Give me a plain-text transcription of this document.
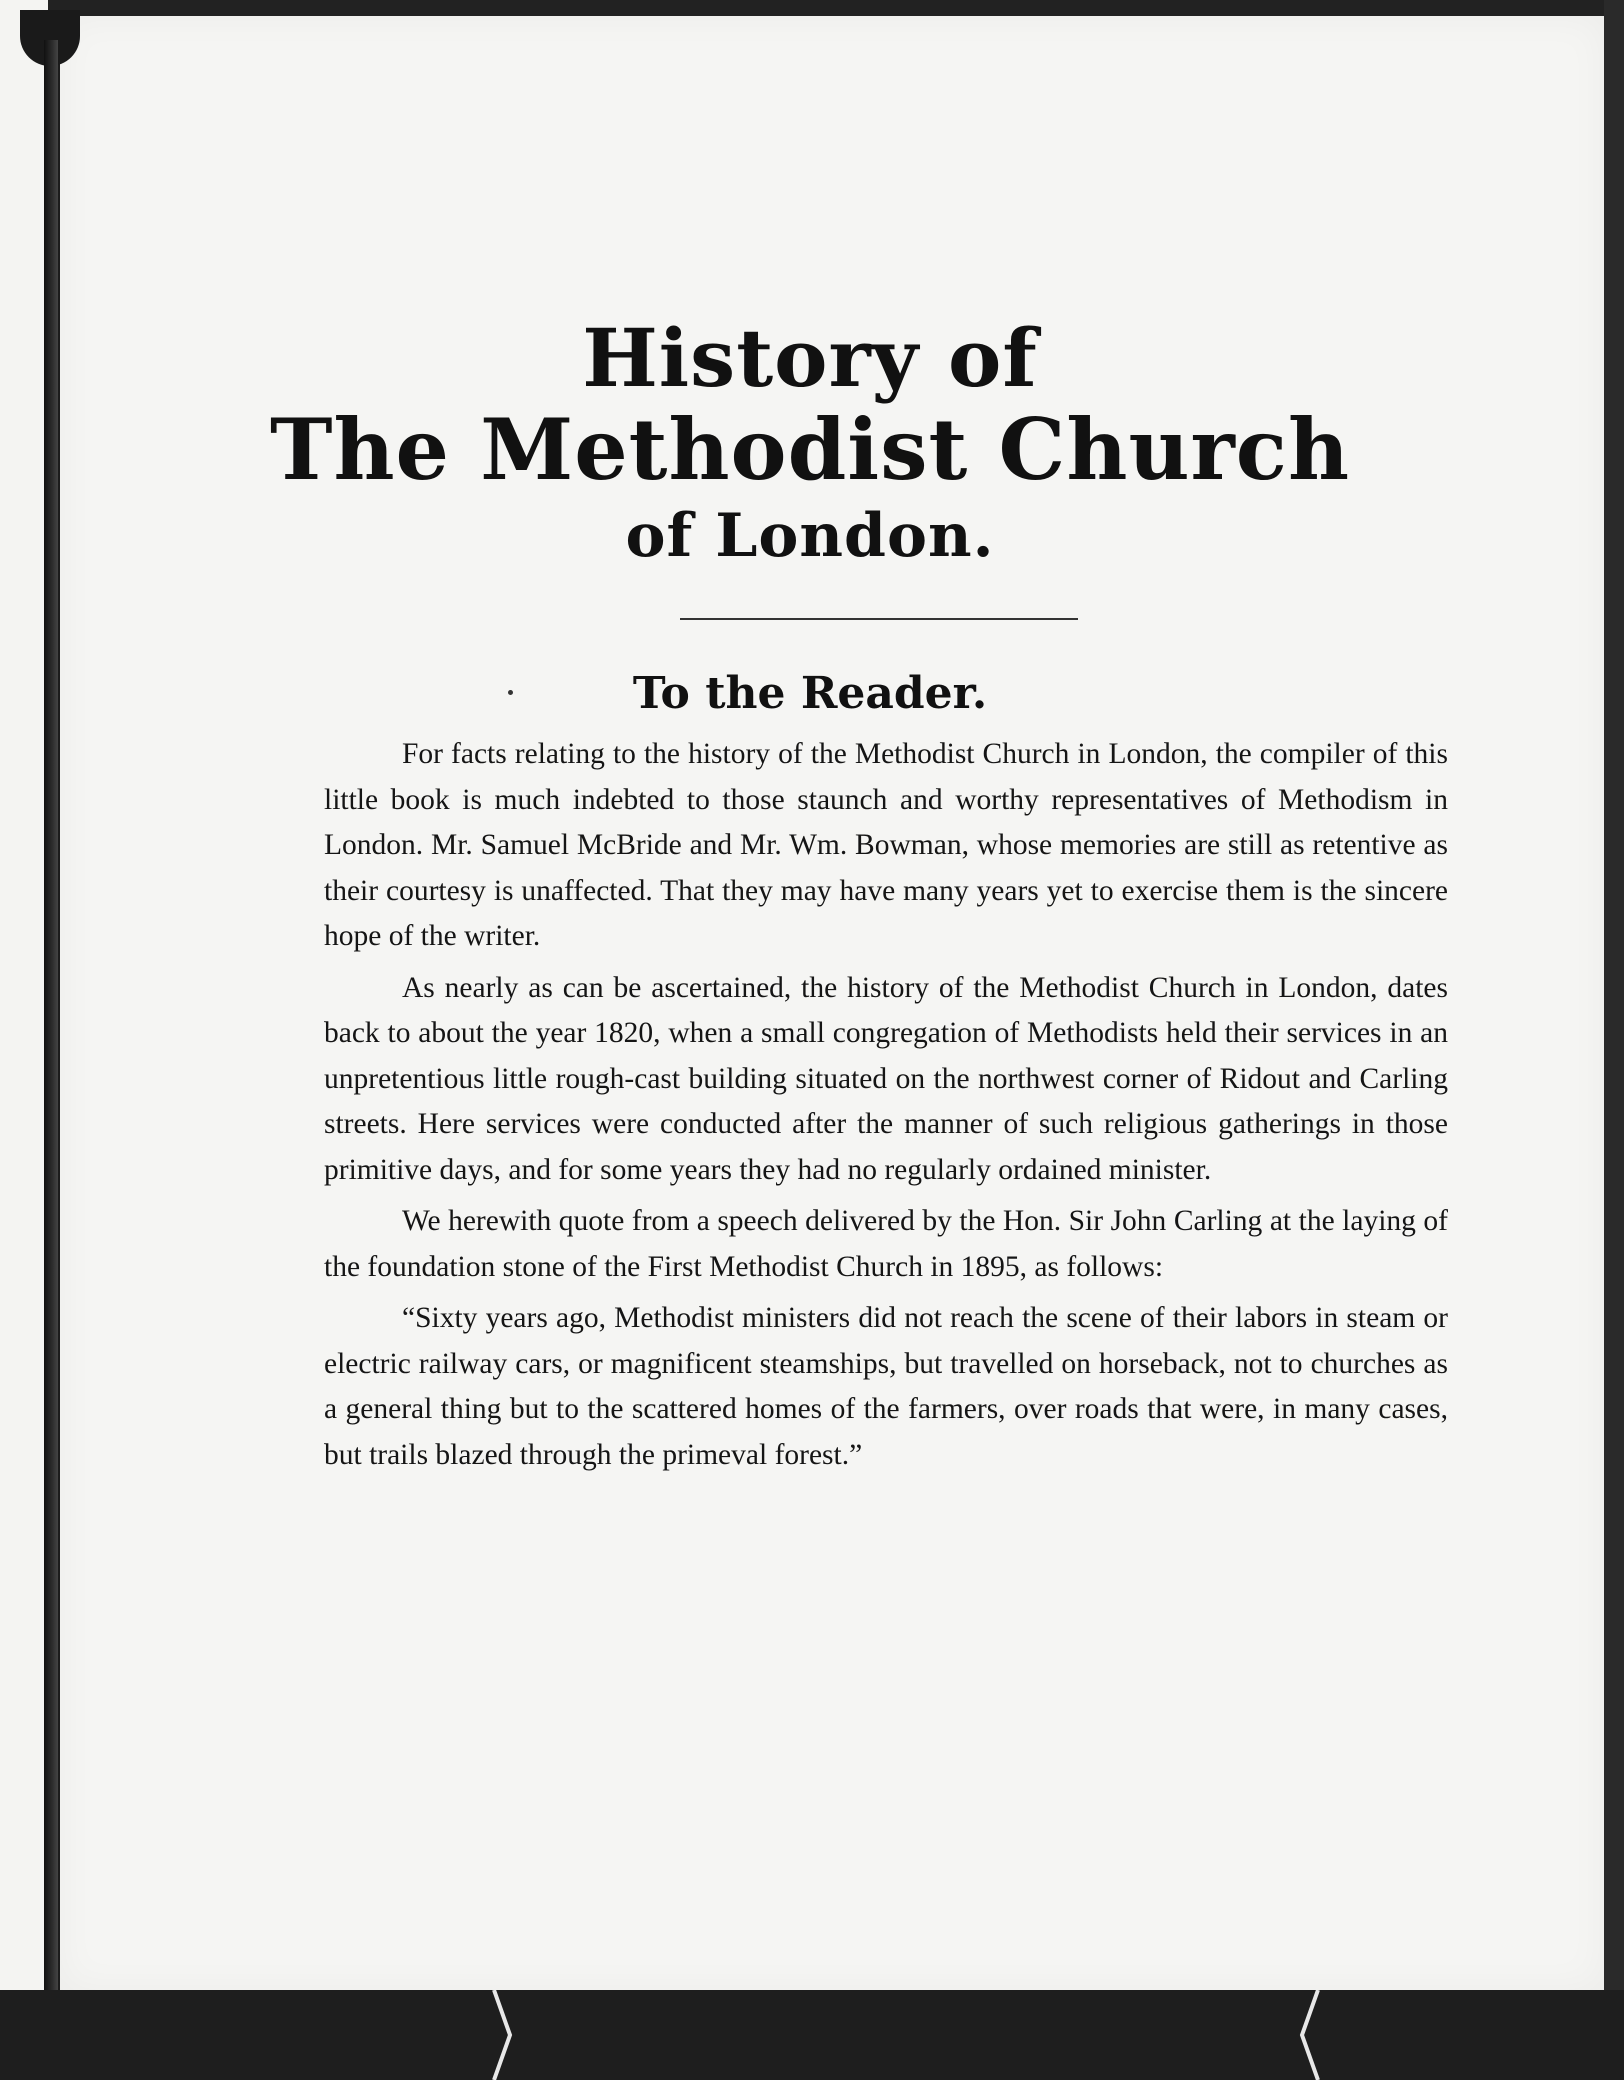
History of
The Methodist Church
of London.
To the Reader.

For facts relating to the history of the Methodist Church in London, the compiler of this little book is much indebted to those staunch and worthy representatives of Methodism in London. Mr. Samuel McBride and Mr. Wm. Bowman, whose memories are still as retentive as their courtesy is unaffected. That they may have many years yet to exercise them is the sincere hope of the writer.

As nearly as can be ascertained, the history of the Methodist Church in London, dates back to about the year 1820, when a small congregation of Methodists held their services in an unpretentious little rough-cast building situated on the northwest corner of Ridout and Carling streets. Here services were conducted after the manner of such religious gatherings in those primitive days, and for some years they had no regularly ordained minister.

We herewith quote from a speech delivered by the Hon. Sir John Carling at the laying of the foundation stone of the First Methodist Church in 1895, as follows:

“Sixty years ago, Methodist ministers did not reach the scene of their labors in steam or electric railway cars, or magnificent steamships, but travelled on horseback, not to churches as a general thing but to the scattered homes of the farmers, over roads that were, in many cases, but trails blazed through the primeval forest.”
